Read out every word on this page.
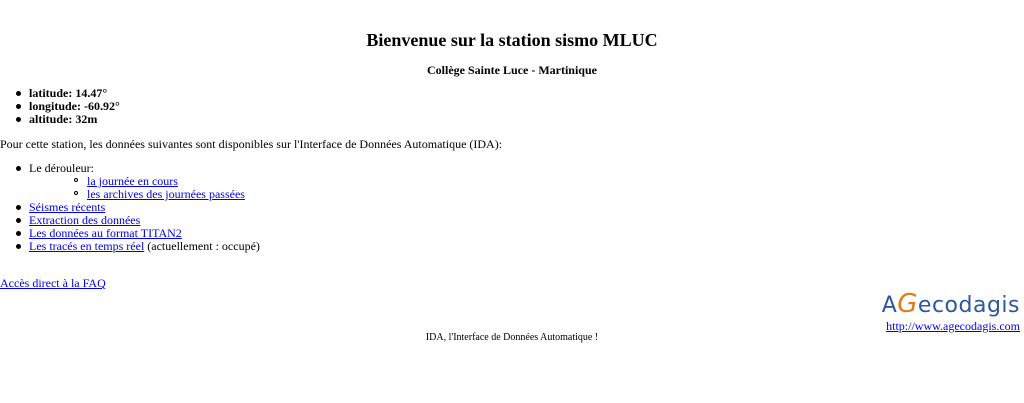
Bienvenue sur la station sismo MLUC
Collège Sainte Luce - Martinique
latitude: 14.47°
longitude: -60.92°
altitude: 32m

Pour cette station, les données suivantes sont disponibles sur l'Interface de Données Automatique (IDA):

Le dérouleur:
la journée en cours
les archives des journées passées
Séismes récents
Extraction des données
Les données au format TITAN2
Les tracés en temps réel (actuellement : occupé)
Accès direct à la FAQ
AGecodagis
http://www.agecodagis.com
IDA, l'Interface de Données Automatique !
